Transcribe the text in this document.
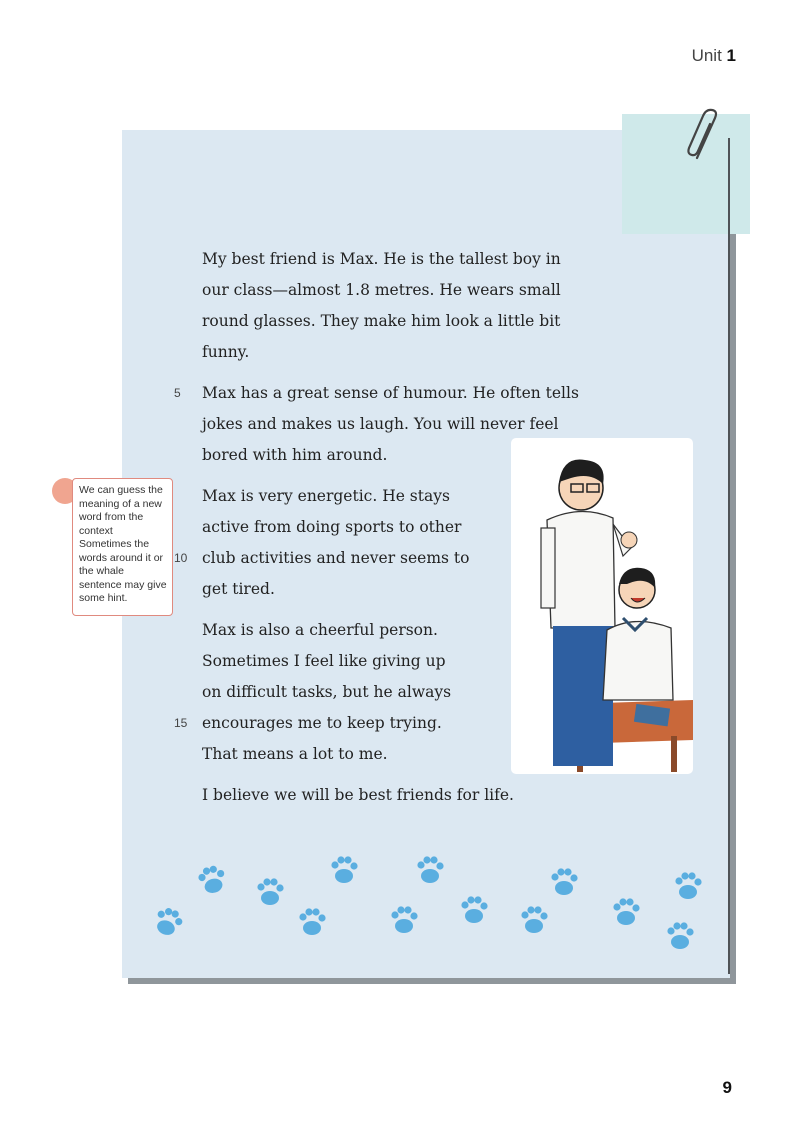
Unit 1
My best friend is Max. He is the tallest boy in
our class—almost 1.8 metres. He wears small
round glasses. They make him look a little bit
funny.
5 Max has a great sense of humour. He often tells
jokes and makes us laugh. You will never feel
bored with him around.
Max is very energetic. He stays
active from doing sports to other
10 club activities and never seems to
get tired.
Max is also a cheerful person.
Sometimes I feel like giving up
on difficult tasks, but he always
15 encourages me to keep trying.
That means a lot to me.
I believe we will be best friends for life.
We can guess the meaning of a new word from the context Sometimes the words around it or the whale sentence may give some hint.
9
